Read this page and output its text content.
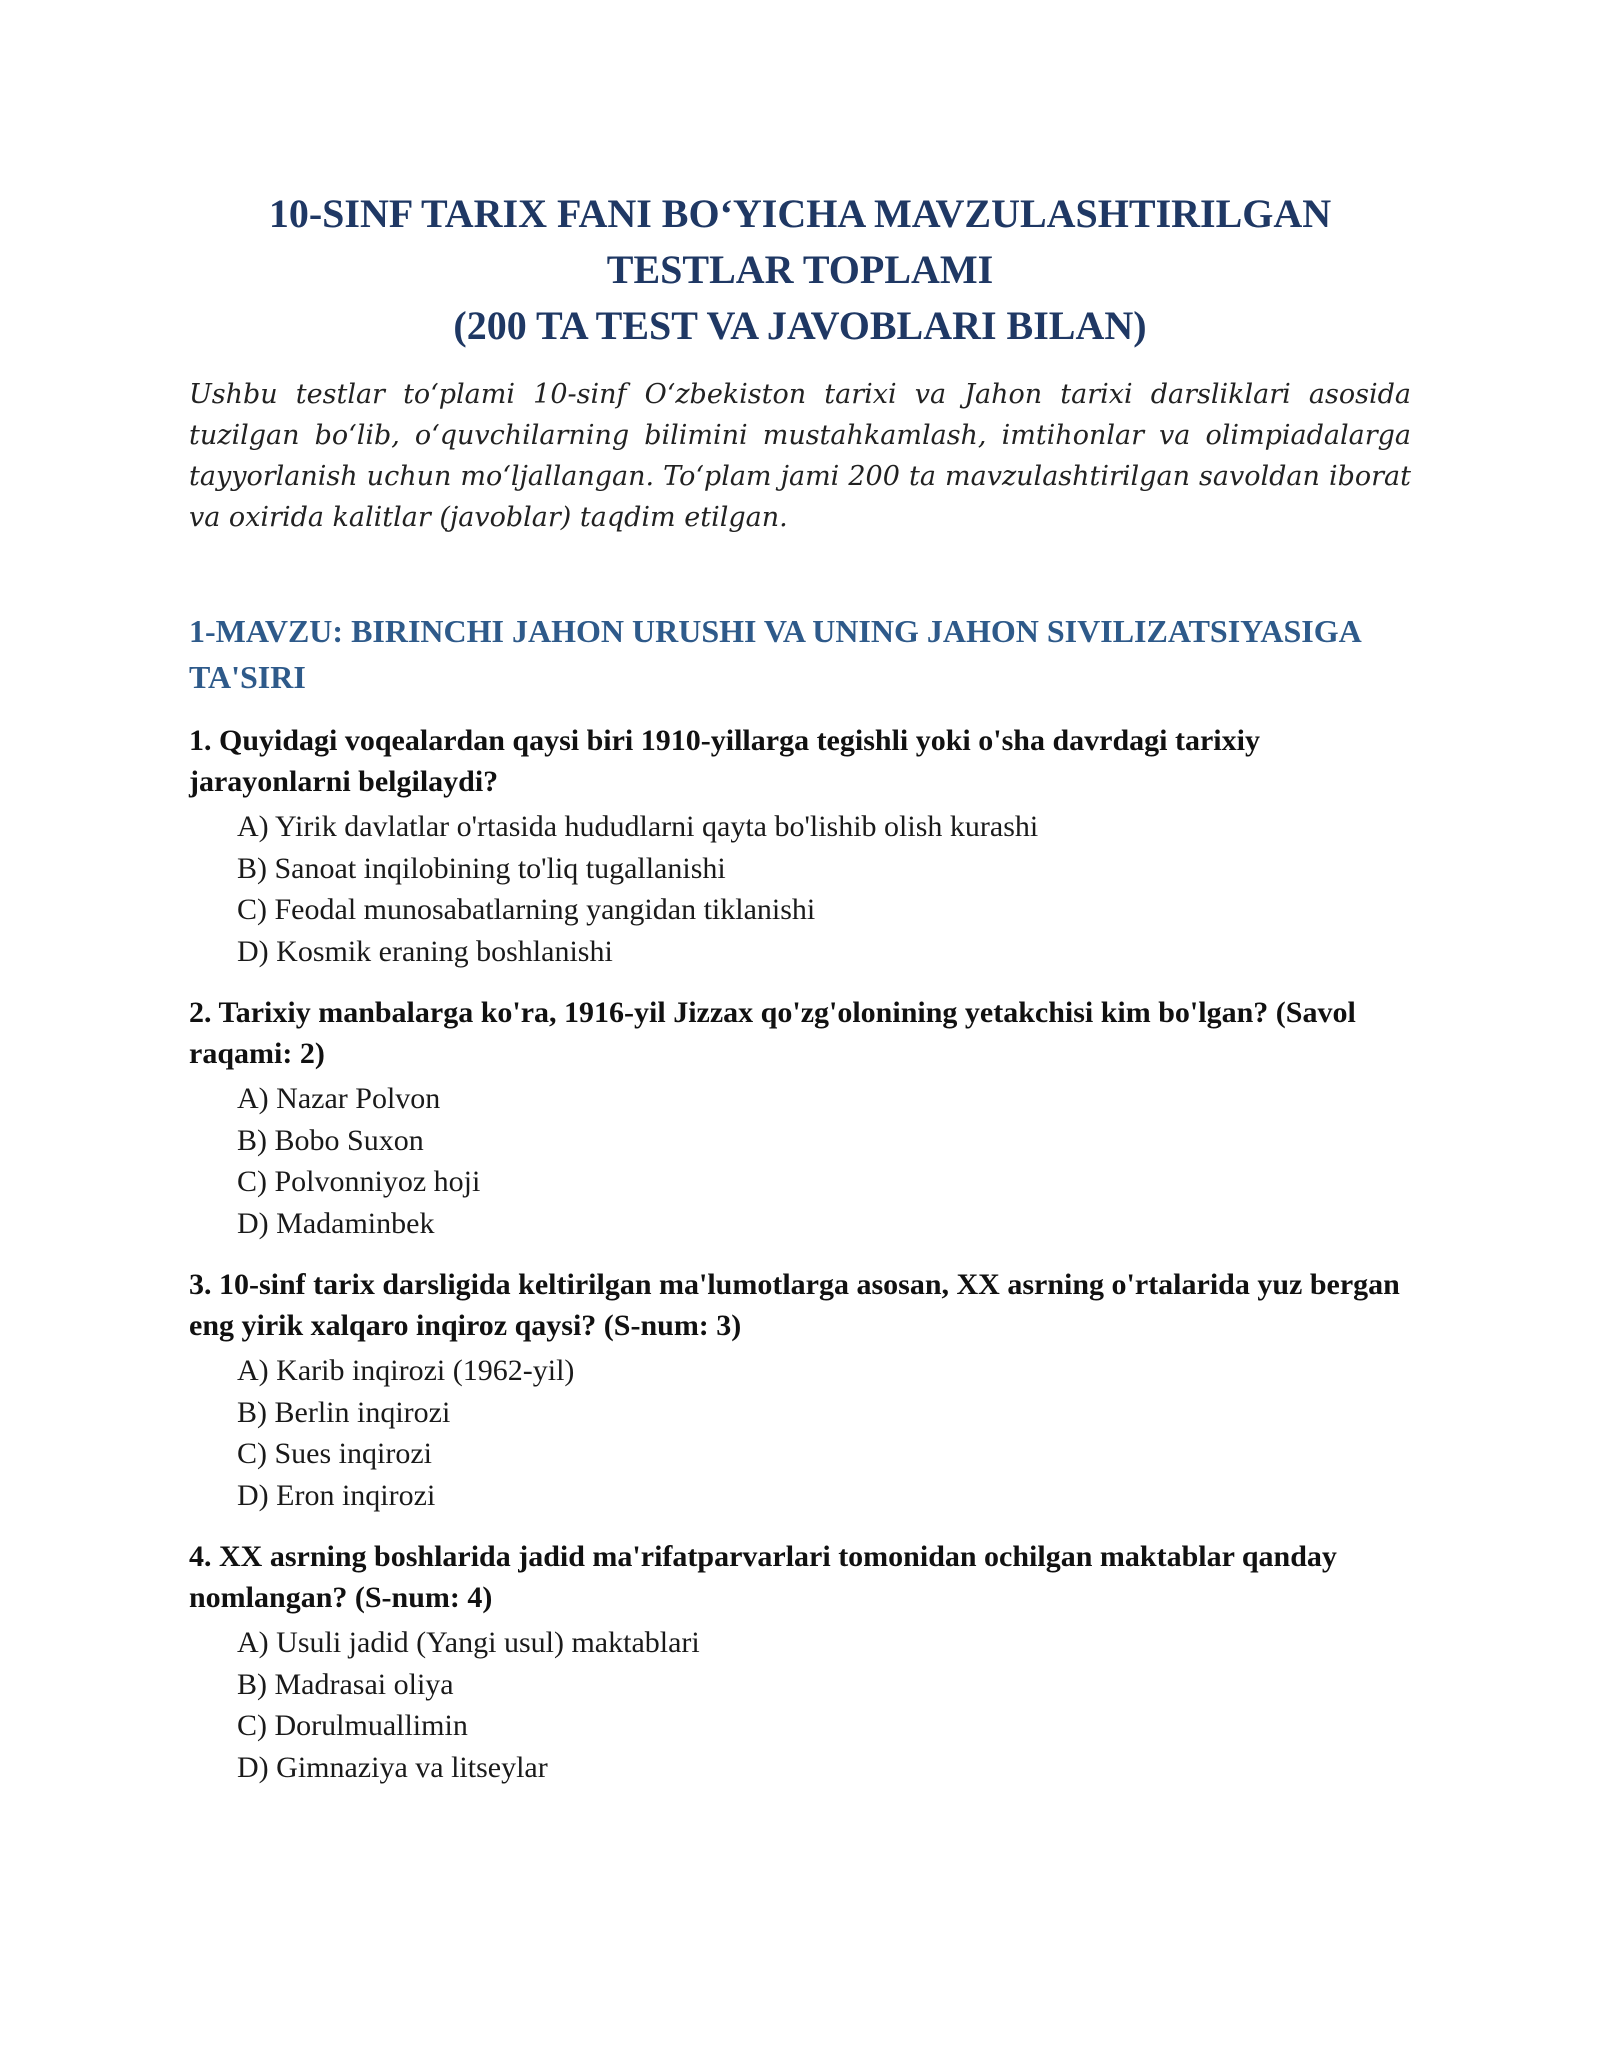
10-SINF TARIX FANI BO‘YICHA MAVZULASHTIRILGAN
TESTLAR TOPLAMI
(200 TA TEST VA JAVOBLARI BILAN)

Ushbu testlar to‘plami 10-sinf O‘zbekiston tarixi va Jahon tarixi darsliklari asosida tuzilgan bo‘lib, o‘quvchilarning bilimini mustahkamlash, imtihonlar va olimpiadalarga tayyorlanish uchun mo‘ljallangan. To‘plam jami 200 ta mavzulashtirilgan savoldan iborat va oxirida kalitlar (javoblar) taqdim etilgan.

1-MAVZU: BIRINCHI JAHON URUSHI VA UNING JAHON SIVILIZATSIYASIGA TA'SIRI

1. Quyidagi voqealardan qaysi biri 1910-yillarga tegishli yoki o'sha davrdagi tarixiy jarayonlarni belgilaydi?

A) Yirik davlatlar o'rtasida hududlarni qayta bo'lishib olish kurashi
B) Sanoat inqilobining to'liq tugallanishi
C) Feodal munosabatlarning yangidan tiklanishi
D) Kosmik eraning boshlanishi

2. Tarixiy manbalarga ko'ra, 1916-yil Jizzax qo'zg'olonining yetakchisi kim bo'lgan? (Savol raqami: 2)

A) Nazar Polvon
B) Bobo Suxon
C) Polvonniyoz hoji
D) Madaminbek

3. 10-sinf tarix darsligida keltirilgan ma'lumotlarga asosan, XX asrning o'rtalarida yuz bergan eng yirik xalqaro inqiroz qaysi? (S-num: 3)

A) Karib inqirozi (1962-yil)
B) Berlin inqirozi
C) Sues inqirozi
D) Eron inqirozi

4. XX asrning boshlarida jadid ma'rifatparvarlari tomonidan ochilgan maktablar qanday nomlangan? (S-num: 4)

A) Usuli jadid (Yangi usul) maktablari
B) Madrasai oliya
C) Dorulmuallimin
D) Gimnaziya va litseylar
